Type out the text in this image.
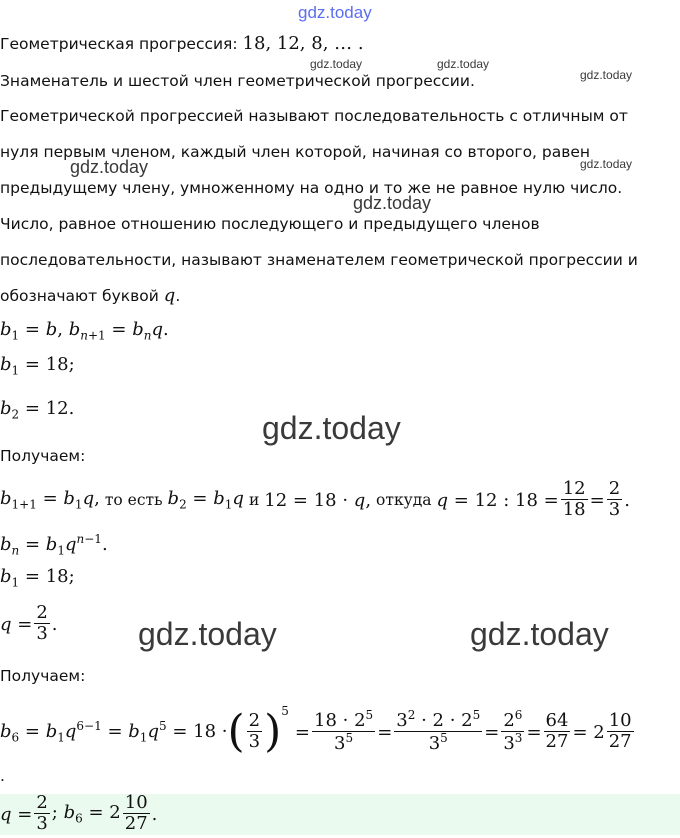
gdz.today
gdz.today	gdz.today
gdz.today
gdz.today	gdz.today
gdz.today
gdz.today
gdz.today	gdz.today
Геометрическая прогрессия: 18, 12, 8, … .
Знаменатель и шестой член геометрической прогрессии.
Геометрической прогрессией называют последовательность с отличным от
нуля первым членом, каждый член которой, начиная со второго, равен
предыдущему члену, умноженному на одно и то же не равное нулю число.
Число, равное отношению последующего и предыдущего членов
последовательности, называют знаменателем геометрической прогрессии и
обозначают буквой q.
$b_1 = b$, $b_{n+1} = b_nq$.
$b_1 = 18$;
$b_2 = 12$.
Получаем:
$b_{1+1} = b_1q$, то есть $b_2 = b_1q$ и 12 = 18 · q, откуда q = 12 : $18 = \frac{12}{18} = \frac{2}{3}$ .
$b_n = b_1q^{n-1}$.
$b_1 = 18$;
$q = \frac{2}{3}$ .
Получаем:
$b_6 = b_1q^{6-1} = b_1q^5 = 18$ · ( $\frac{2}{3} )^5$
= $\frac{18 \cdot 2^5}{3^5} = \frac{3^2 \cdot 2 \cdot 2^5}{3^5} = \frac{2^6}{3^3} = \frac{64}{27} = 2 \frac{10}{27}$
.
$q = \frac{2}{3}$ ; $b_6 = 2 \frac{10}{27}$ .
